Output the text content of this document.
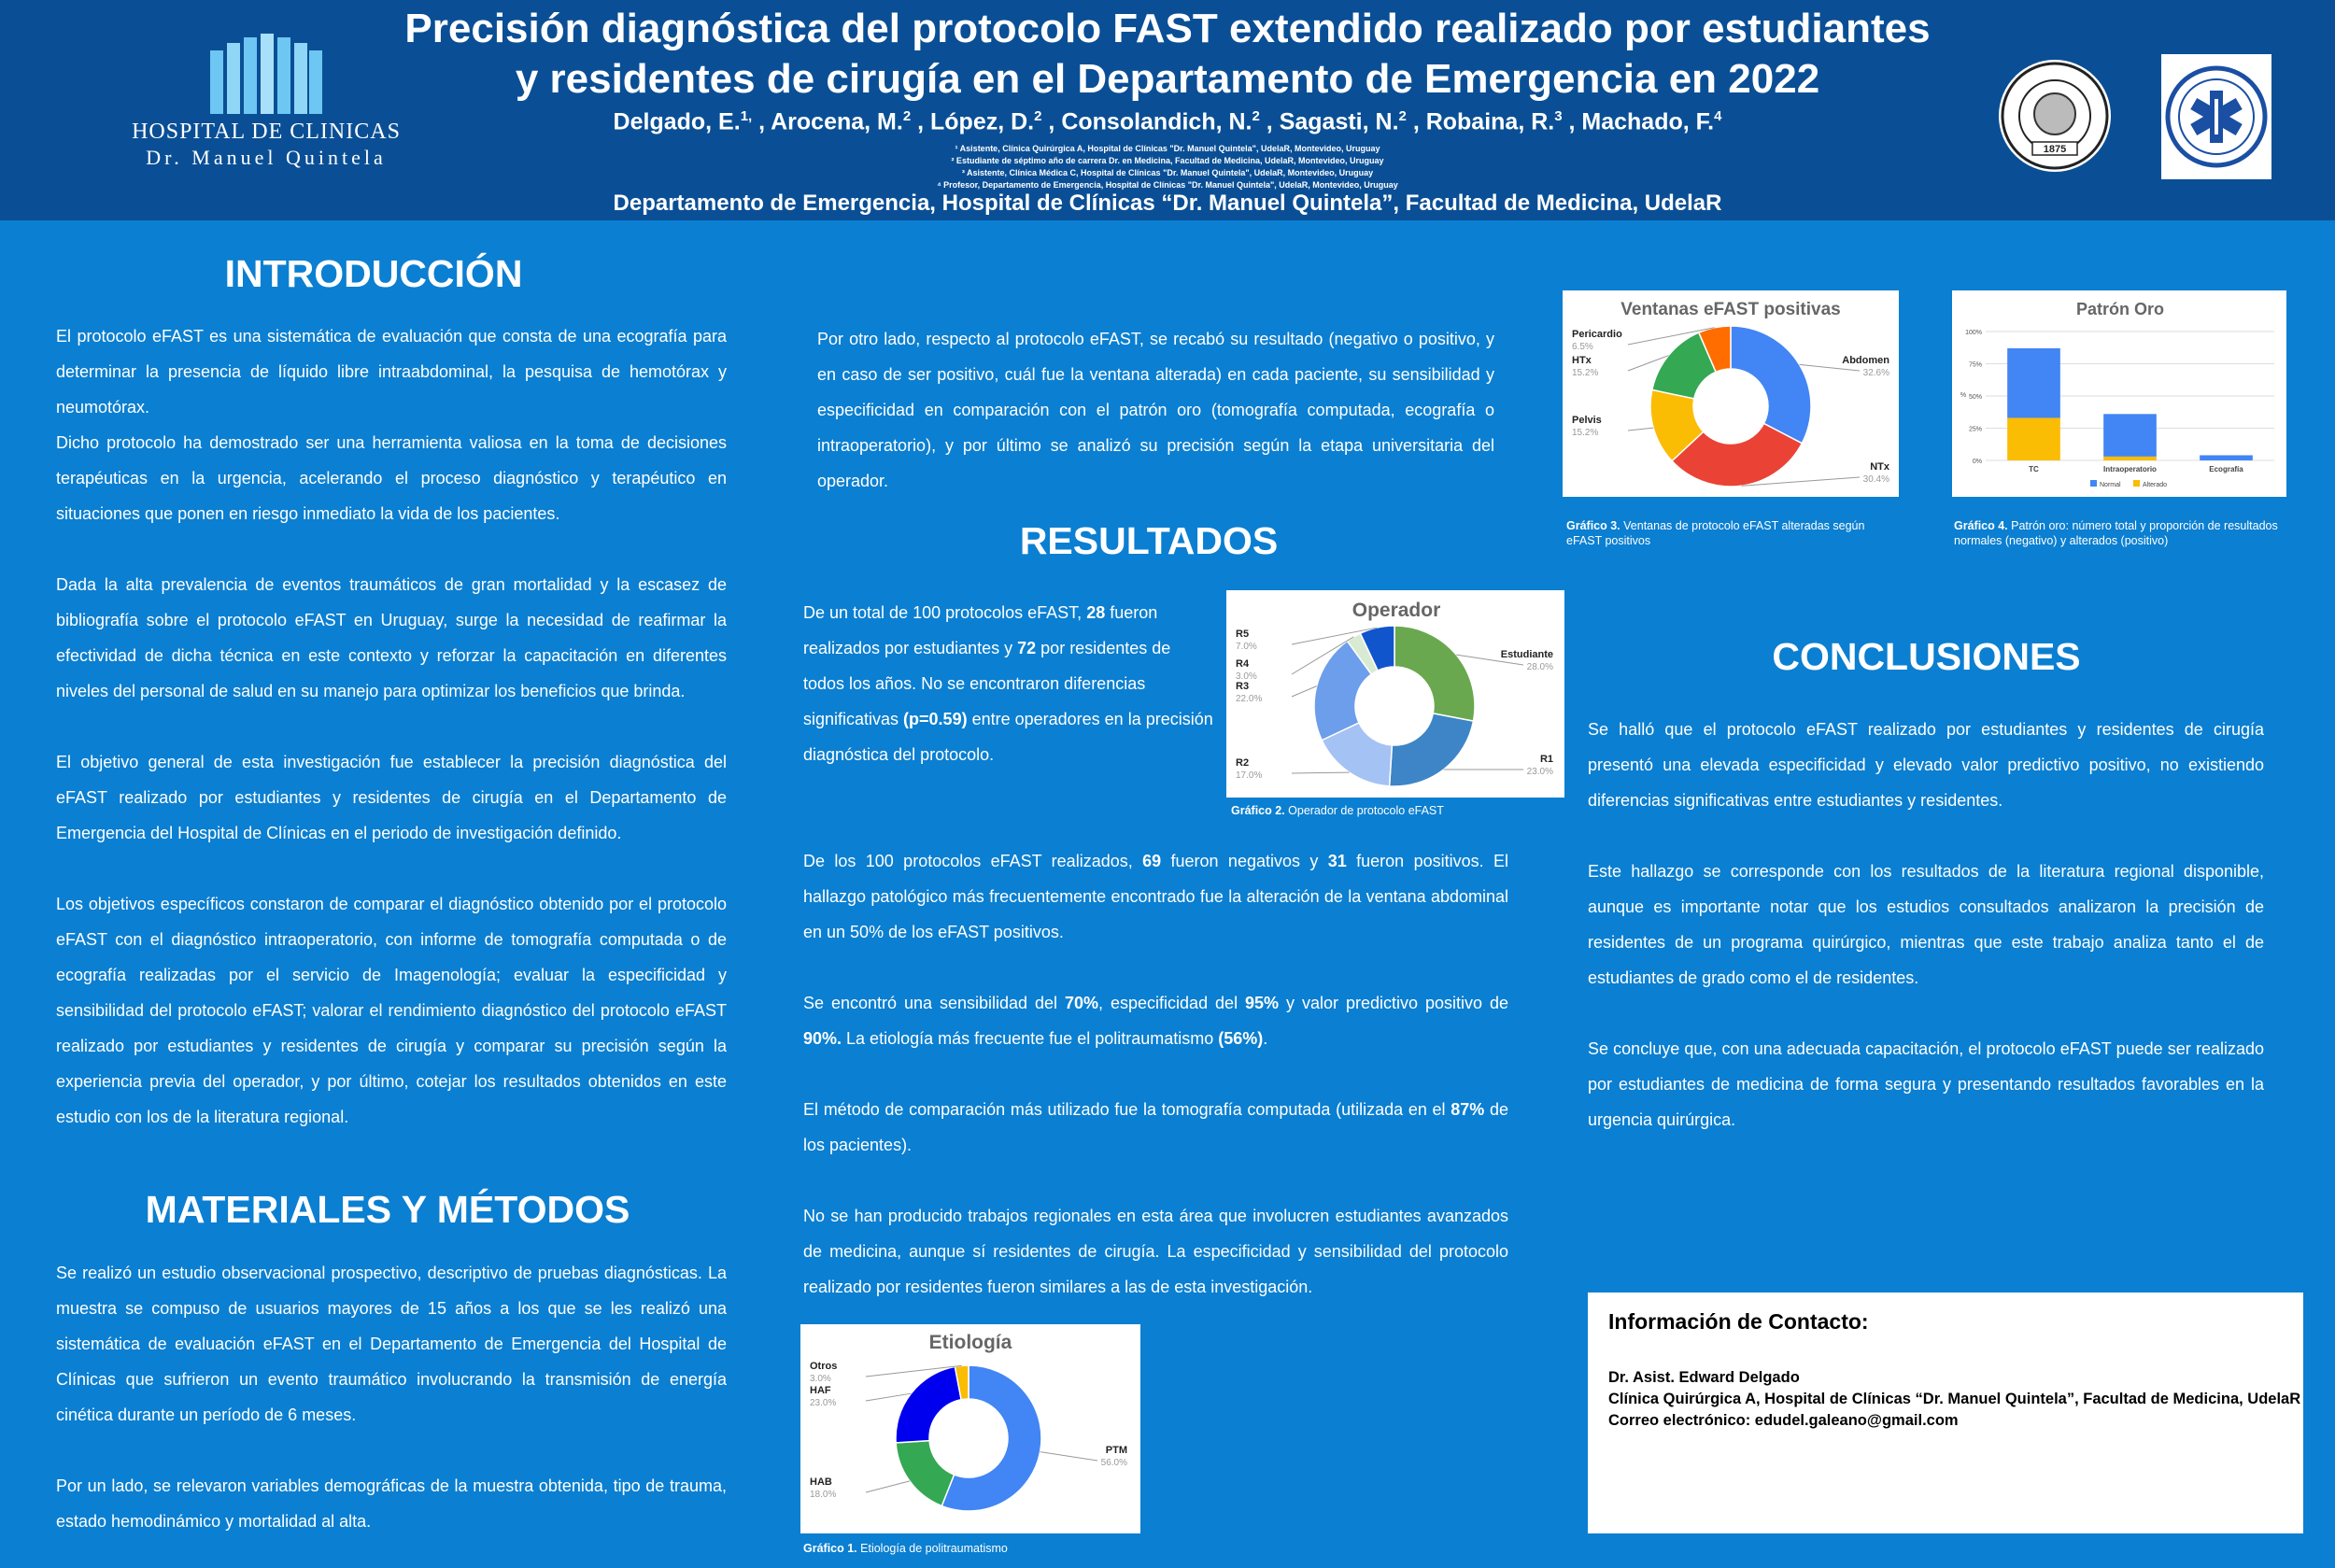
HOSPITAL DE CLINICAS
Dr. Manuel Quintela
Precisión diagnóstica del protocolo FAST extendido realizado por estudiantes
y residentes de cirugía en el Departamento de Emergencia en 2022
Delgado, E.$^{1,}$ , Arocena, M.$^2$ , López, D.$^2$ , Consolandich, N.$^2$ , Sagasti, N.$^2$ , Robaina, R.$^3$ , Machado, F.$^4$
¹ Asistente, Clínica Quirúrgica A, Hospital de Clínicas "Dr. Manuel Quintela", UdelaR, Montevideo, Uruguay
² Estudiante de séptimo año de carrera Dr. en Medicina, Facultad de Medicina, UdelaR, Montevideo, Uruguay
³ Asistente, Clínica Médica C, Hospital de Clínicas "Dr. Manuel Quintela", UdelaR, Montevideo, Uruguay
⁴ Profesor, Departamento de Emergencia, Hospital de Clínicas "Dr. Manuel Quintela", UdelaR, Montevideo, Uruguay
Departamento de Emergencia, Hospital de Clínicas “Dr. Manuel Quintela”, Facultad de Medicina, UdelaR
1875
INTRODUCCIÓN

El protocolo eFAST es una sistemática de evaluación que consta de una ecografía para determinar la presencia de líquido libre intraabdominal, la pesquisa de hemotórax y neumotórax.

Dicho protocolo ha demostrado ser una herramienta valiosa en la toma de decisiones terapéuticas en la urgencia, acelerando el proceso diagnóstico y terapéutico en situaciones que ponen en riesgo inmediato la vida de los pacientes.

Dada la alta prevalencia de eventos traumáticos de gran mortalidad y la escasez de bibliografía sobre el protocolo eFAST en Uruguay, surge la necesidad de reafirmar la efectividad de dicha técnica en este contexto y reforzar la capacitación en diferentes niveles del personal de salud en su manejo para optimizar los beneficios que brinda.

El objetivo general de esta investigación fue establecer la precisión diagnóstica del eFAST realizado por estudiantes y residentes de cirugía en el Departamento de Emergencia del Hospital de Clínicas en el periodo de investigación definido.

Los objetivos específicos constaron de comparar el diagnóstico obtenido por el protocolo eFAST con el diagnóstico intraoperatorio, con informe de tomografía computada o de ecografía realizadas por el servicio de Imagenología; evaluar la especificidad y sensibilidad del protocolo eFAST; valorar el rendimiento diagnóstico del protocolo eFAST realizado por estudiantes y residentes de cirugía y comparar su precisión según la experiencia previa del operador, y por último, cotejar los resultados obtenidos en este estudio con los de la literatura regional.

MATERIALES Y MÉTODOS

Se realizó un estudio observacional prospectivo, descriptivo de pruebas diagnósticas. La muestra se compuso de usuarios mayores de 15 años a los que se les realizó una sistemática de evaluación eFAST en el Departamento de Emergencia del Hospital de Clínicas que sufrieron un evento traumático involucrando la transmisión de energía cinética durante un período de 6 meses.

Por un lado, se relevaron variables demográficas de la muestra obtenida, tipo de trauma, estado hemodinámico y mortalidad al alta.

Por otro lado, respecto al protocolo eFAST, se recabó su resultado (negativo o positivo, y en caso de ser positivo, cuál fue la ventana alterada) en cada paciente, su sensibilidad y especificidad en comparación con el patrón oro (tomografía computada, ecografía o intraoperatorio), y por último se analizó su precisión según la etapa universitaria del operador.
RESULTADOS
De un total de 100 protocolos eFAST, 28 fueron realizados por estudiantes y 72 por residentes de todos los años. No se encontraron diferencias significativas (p=0.59) entre operadores en la precisión diagnóstica del protocolo.

De los 100 protocolos eFAST realizados, 69 fueron negativos y 31 fueron positivos. El hallazgo patológico más frecuentemente encontrado fue la alteración de la ventana abdominal en un 50% de los eFAST positivos.

Se encontró una sensibilidad del 70%, especificidad del 95% y valor predictivo positivo de 90%. La etiología más frecuente fue el politraumatismo (56%).

El método de comparación más utilizado fue la tomografía computada (utilizada en el 87% de los pacientes).

No se han producido trabajos regionales en esta área que involucren estudiantes avanzados de medicina, aunque sí residentes de cirugía. La especificidad y sensibilidad del protocolo realizado por residentes fueron similares a las de esta investigación.

Operador
Estudiante
28.0%
R1
23.0%
R2
17.0%
R3
22.0%
R4
3.0%
R5
7.0%
Gráfico 2. Operador de protocolo eFAST
Etiología
PTM
56.0%
HAB
18.0%
HAF
23.0%
Otros
3.0%
Gráfico 1. Etiología de politraumatismo
Ventanas eFAST positivas
Abdomen
32.6%
NTx
30.4%
Pelvis
15.2%
HTx
15.2%
Pericardio
6.5%
Gráfico 3. Ventanas de protocolo eFAST alteradas según eFAST positivos
Patrón Oro
0%
25%
50%
75%
100%
%
TC	Intraoperatorio	Ecografía
Normal	Alterado
Gráfico 4. Patrón oro: número total y proporción de resultados normales (negativo) y alterados (positivo)
CONCLUSIONES

Se halló que el protocolo eFAST realizado por estudiantes y residentes de cirugía presentó una elevada especificidad y elevado valor predictivo positivo, no existiendo diferencias significativas entre estudiantes y residentes.

Este hallazgo se corresponde con los resultados de la literatura regional disponible, aunque es importante notar que los estudios consultados analizaron la precisión de residentes de un programa quirúrgico, mientras que este trabajo analiza tanto el de estudiantes de grado como el de residentes.

Se concluye que, con una adecuada capacitación, el protocolo eFAST puede ser realizado por estudiantes de medicina de forma segura y presentando resultados favorables en la urgencia quirúrgica.

Información de Contacto:
Dr. Asist. Edward Delgado
Clínica Quirúrgica A, Hospital de Clínicas “Dr. Manuel Quintela”, Facultad de Medicina, UdelaR
Correo electrónico: edudel.galeano@gmail.com
